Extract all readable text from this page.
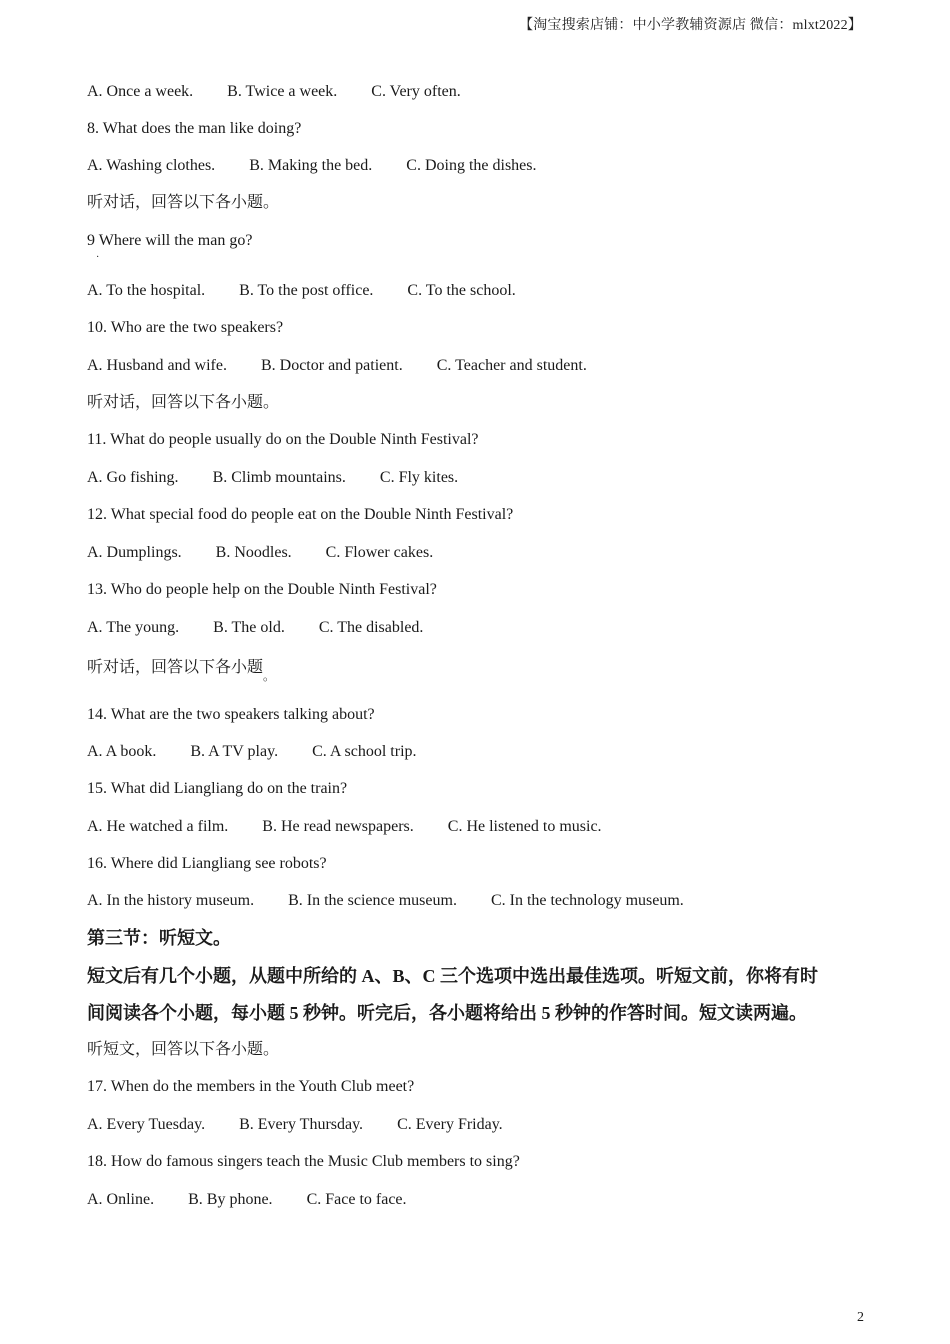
【淘宝搜索店铺：中小学教辅资源店 微信：mlxt2022】
A. Once a week. B. Twice a week. C. Very often.
8. What does the man like doing?
A. Washing clothes. B. Making the bed. C. Doing the dishes.
听对话，回答以下各小题。
9 Where will the man go?
·
A. To the hospital. B. To the post office. C. To the school.
10. Who are the two speakers?
A. Husband and wife. B. Doctor and patient. C. Teacher and student.
听对话，回答以下各小题。
11. What do people usually do on the Double Ninth Festival?
A. Go fishing. B. Climb mountains. C. Fly kites.
12. What special food do people eat on the Double Ninth Festival?
A. Dumplings. B. Noodles. C. Flower cakes.
13. Who do people help on the Double Ninth Festival?
A. The young. B. The old. C. The disabled.
听对话，回答以下各小题$_。$
14. What are the two speakers talking about?
A. A book. B. A TV play. C. A school trip.
15. What did Liangliang do on the train?
A. He watched a film. B. He read newspapers. C. He listened to music.
16. Where did Liangliang see robots?
A. In the history museum. B. In the science museum. C. In the technology museum.
第三节：听短文。
短文后有几个小题，从题中所给的 A、B、C 三个选项中选出最佳选项。听短文前，你将有时
间阅读各个小题，每小题 5 秒钟。听完后，各小题将给出 5 秒钟的作答时间。短文读两遍。
听短文，回答以下各小题。
17. When do the members in the Youth Club meet?
A. Every Tuesday. B. Every Thursday. C. Every Friday.
18. How do famous singers teach the Music Club members to sing?
A. Online. B. By phone. C. Face to face.
2
